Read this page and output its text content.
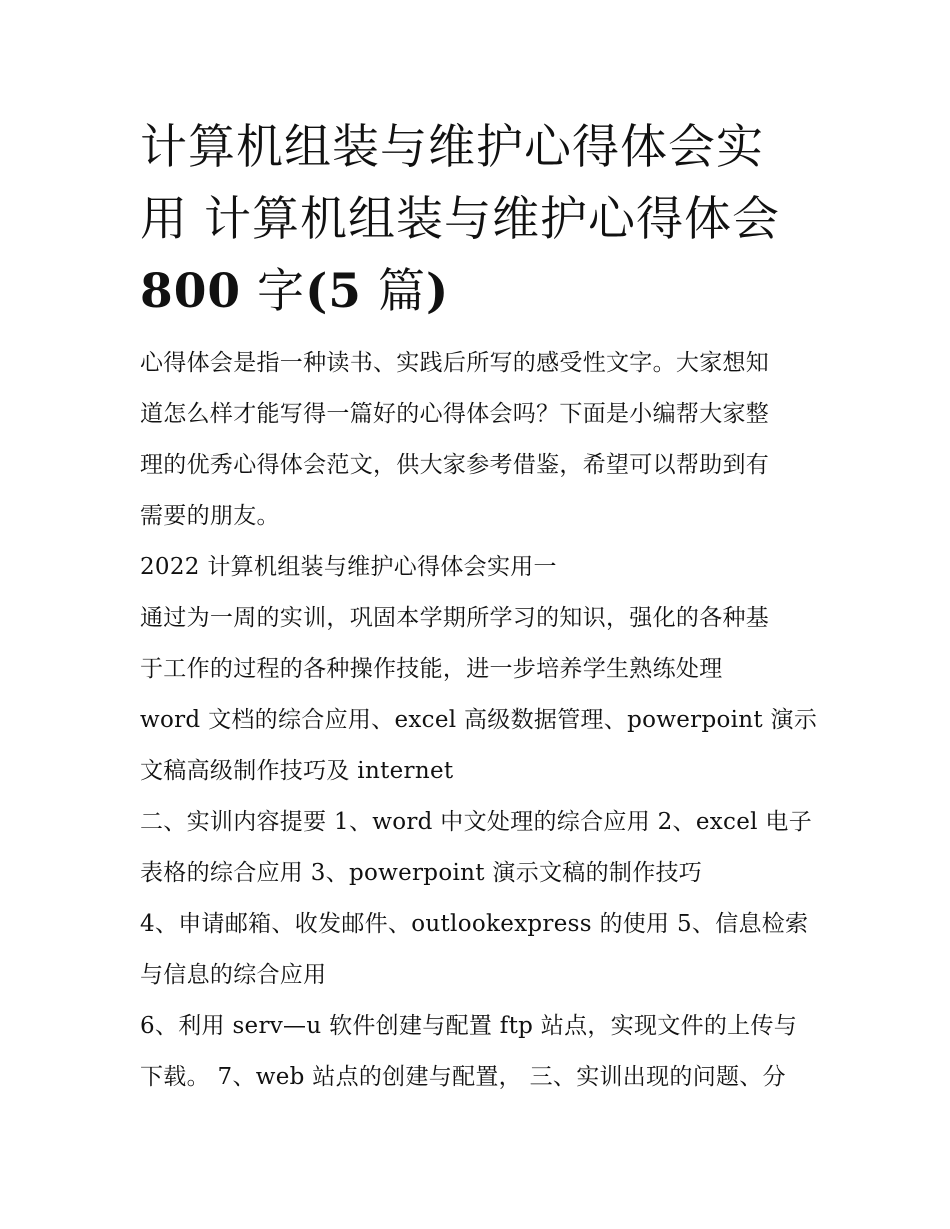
计算机组装与维护心得体会实
用 计算机组装与维护心得体会
800 字(5 篇)

心得体会是指一种读书、实践后所写的感受性文字。大家想知
道怎么样才能写得一篇好的心得体会吗？下面是小编帮大家整
理的优秀心得体会范文，供大家参考借鉴，希望可以帮助到有
需要的朋友。

2022 计算机组装与维护心得体会实用一

通过为一周的实训，巩固本学期所学习的知识，强化的各种基
于工作的过程的各种操作技能，进一步培养学生熟练处理
word 文档的综合应用、excel 高级数据管理、powerpoint 演示
文稿高级制作技巧及 internet

二、实训内容提要 1、word 中文处理的综合应用 2、excel 电子
表格的综合应用 3、powerpoint 演示文稿的制作技巧

4、申请邮箱、收发邮件、outlookexpress 的使用 5、信息检索
与信息的综合应用

6、利用 serv—u 软件创建与配置 ftp 站点，实现文件的上传与
下载。 7、web 站点的创建与配置， 三、实训出现的问题、分
